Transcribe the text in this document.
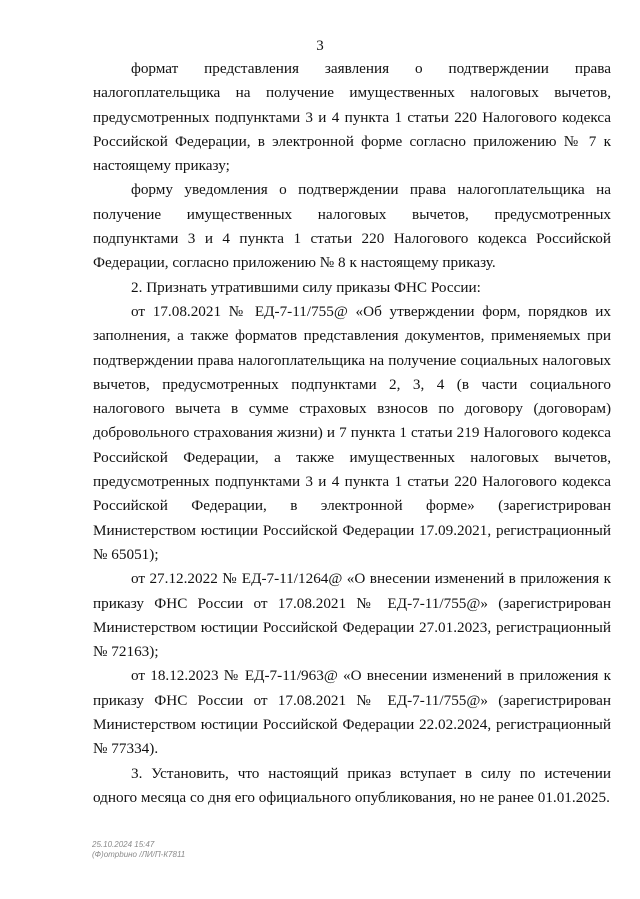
3

формат представления заявления о подтверждении права налогоплательщика на получение имущественных налоговых вычетов, предусмотренных подпунктами 3 и 4 пункта 1 статьи 220 Налогового кодекса Российской Федерации, в электронной форме согласно приложению № 7 к настоящему приказу;

форму уведомления о подтверждении права налогоплательщика на получение имущественных налоговых вычетов, предусмотренных подпунктами 3 и 4 пункта 1 статьи 220 Налогового кодекса Российской Федерации, согласно приложению № 8 к настоящему приказу.

2. Признать утратившими силу приказы ФНС России:

от 17.08.2021 № ЕД-7-11/755@ «Об утверждении форм, порядков их заполнения, а также форматов представления документов, применяемых при подтверждении права налогоплательщика на получение социальных налоговых вычетов, предусмотренных подпунктами 2, 3, 4 (в части социального налогового вычета в сумме страховых взносов по договору (договорам) добровольного страхования жизни) и 7 пункта 1 статьи 219 Налогового кодекса Российской Федерации, а также имущественных налоговых вычетов, предусмотренных подпунктами 3 и 4 пункта 1 статьи 220 Налогового кодекса Российской Федерации, в электронной форме» (зарегистрирован Министерством юстиции Российской Федерации 17.09.2021, регистрационный № 65051);

от 27.12.2022 № ЕД-7-11/1264@ «О внесении изменений в приложения к приказу ФНС России от 17.08.2021 № ЕД-7-11/755@» (зарегистрирован Министерством юстиции Российской Федерации 27.01.2023, регистрационный № 72163);

от 18.12.2023 № ЕД-7-11/963@ «О внесении изменений в приложения к приказу ФНС России от 17.08.2021 № ЕД-7-11/755@» (зарегистрирован Министерством юстиции Российской Федерации 22.02.2024, регистрационный № 77334).

3. Установить, что настоящий приказ вступает в силу по истечении одного месяца со дня его официального опубликования, но не ранее 01.01.2025.

25.10.2024 15:47
(Ф)ompbuнo /ЛИ/П-К7811
